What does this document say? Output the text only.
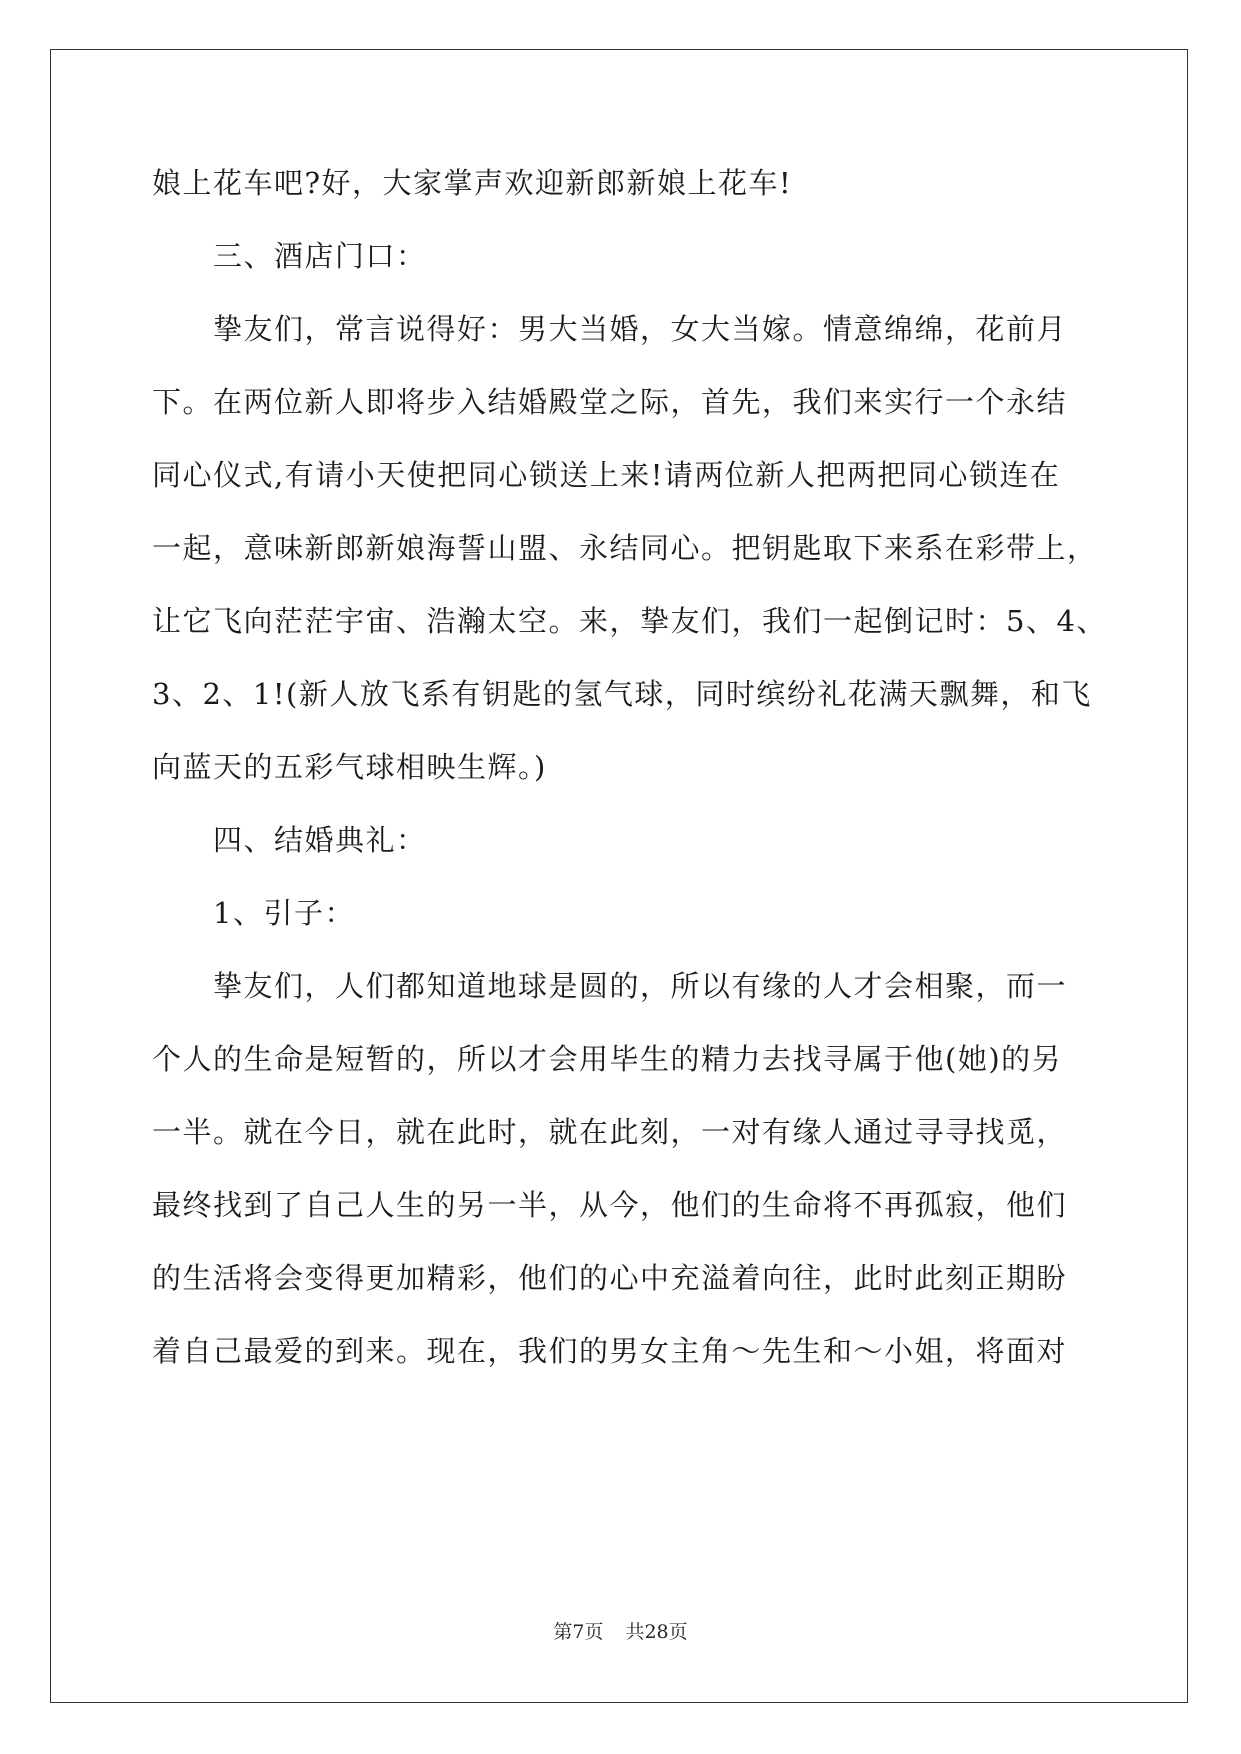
娘上花车吧?好，大家掌声欢迎新郎新娘上花车!
三、酒店门口：
挚友们，常言说得好：男大当婚，女大当嫁。情意绵绵，花前月
下。在两位新人即将步入结婚殿堂之际，首先，我们来实行一个永结
同心仪式,有请小天使把同心锁送上来!请两位新人把两把同心锁连在
一起，意味新郎新娘海誓山盟、永结同心。把钥匙取下来系在彩带上，
让它飞向茫茫宇宙、浩瀚太空。来，挚友们，我们一起倒记时：5、4、
3、2、1!(新人放飞系有钥匙的氢气球，同时缤纷礼花满天飘舞，和飞
向蓝天的五彩气球相映生辉。)
四、结婚典礼：
1、引子：
挚友们，人们都知道地球是圆的，所以有缘的人才会相聚，而一
个人的生命是短暂的，所以才会用毕生的精力去找寻属于他(她)的另
一半。就在今日，就在此时，就在此刻，一对有缘人通过寻寻找觅，
最终找到了自己人生的另一半，从今，他们的生命将不再孤寂，他们
的生活将会变得更加精彩，他们的心中充溢着向往，此时此刻正期盼
着自己最爱的到来。现在，我们的男女主角～先生和～小姐，将面对
第7页 共28页
